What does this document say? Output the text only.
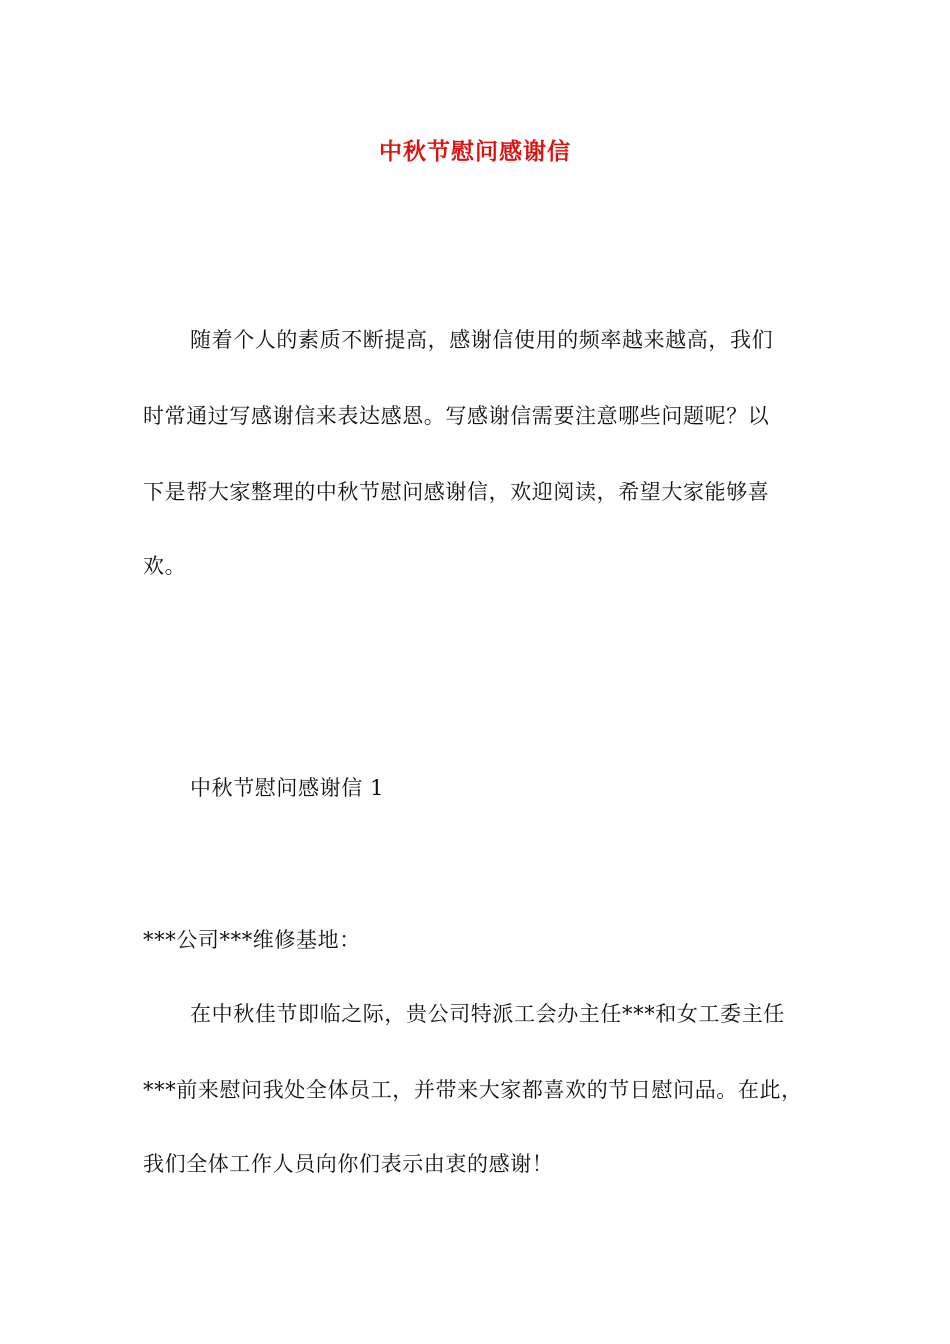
中秋节慰问感谢信
随着个人的素质不断提高，感谢信使用的频率越来越高，我们
时常通过写感谢信来表达感恩。写感谢信需要注意哪些问题呢？以
下是帮大家整理的中秋节慰问感谢信，欢迎阅读，希望大家能够喜
欢。
中秋节慰问感谢信 1
***公司***维修基地：
在中秋佳节即临之际，贵公司特派工会办主任***和女工委主任
***前来慰问我处全体员工，并带来大家都喜欢的节日慰问品。在此，
我们全体工作人员向你们表示由衷的感谢！
